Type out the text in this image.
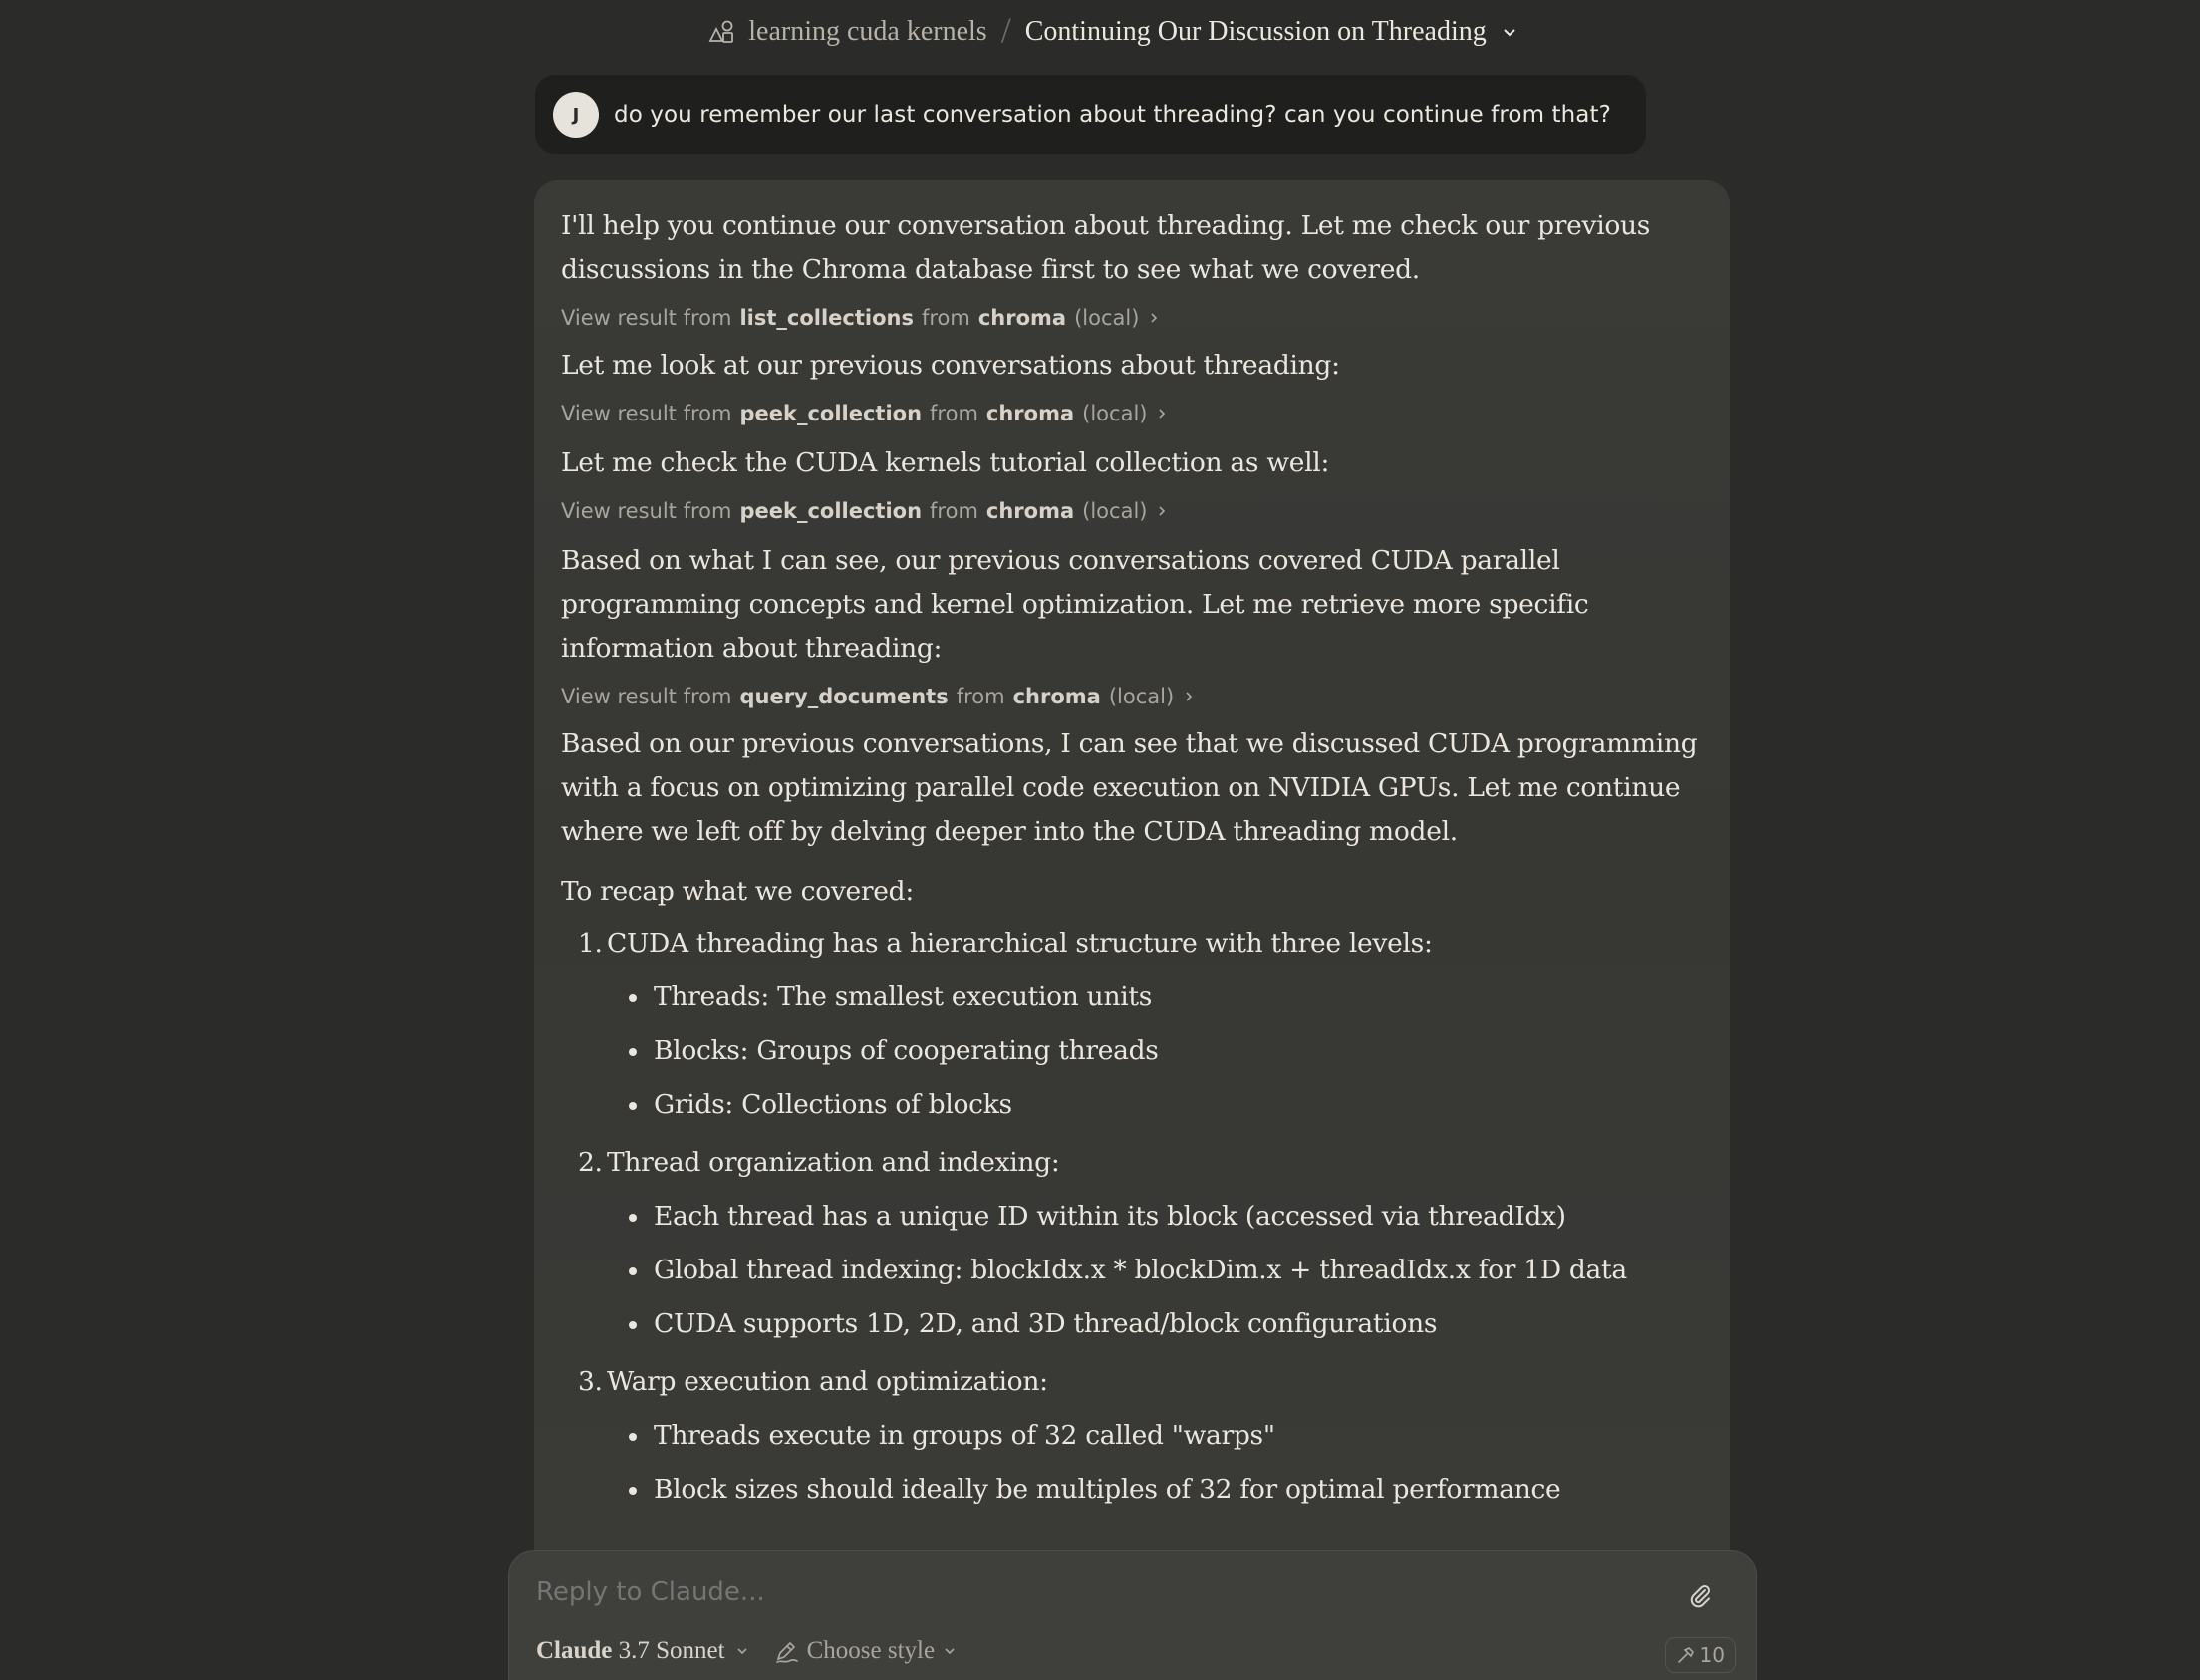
learning cuda kernels / Continuing Our Discussion on Threading
J	do you remember our last conversation about threading? can you continue from that?

I'll help you continue our conversation about threading. Let me check our previous discussions in the Chroma database first to see what we covered.

View result from list_collections from chroma (local)

Let me look at our previous conversations about threading:

View result from peek_collection from chroma (local)

Let me check the CUDA kernels tutorial collection as well:

View result from peek_collection from chroma (local)

Based on what I can see, our previous conversations covered CUDA parallel programming concepts and kernel optimization. Let me retrieve more specific information about threading:

View result from query_documents from chroma (local)

Based on our previous conversations, I can see that we discussed CUDA programming with a focus on optimizing parallel code execution on NVIDIA GPUs. Let me continue where we left off by delving deeper into the CUDA threading model.

To recap what we covered:

1. CUDA threading has a hierarchical structure with three levels:
Threads: The smallest execution units
Blocks: Groups of cooperating threads
Grids: Collections of blocks
2. Thread organization and indexing:
Each thread has a unique ID within its block (accessed via threadIdx)
Global thread indexing: blockIdx.x * blockDim.x + threadIdx.x for 1D data
CUDA supports 1D, 2D, and 3D thread/block configurations
3. Warp execution and optimization:
Threads execute in groups of 32 called "warps"
Block sizes should ideally be multiples of 32 for optimal performance
Reply to Claude...
Claude 3.7 Sonnet	Choose style	10
